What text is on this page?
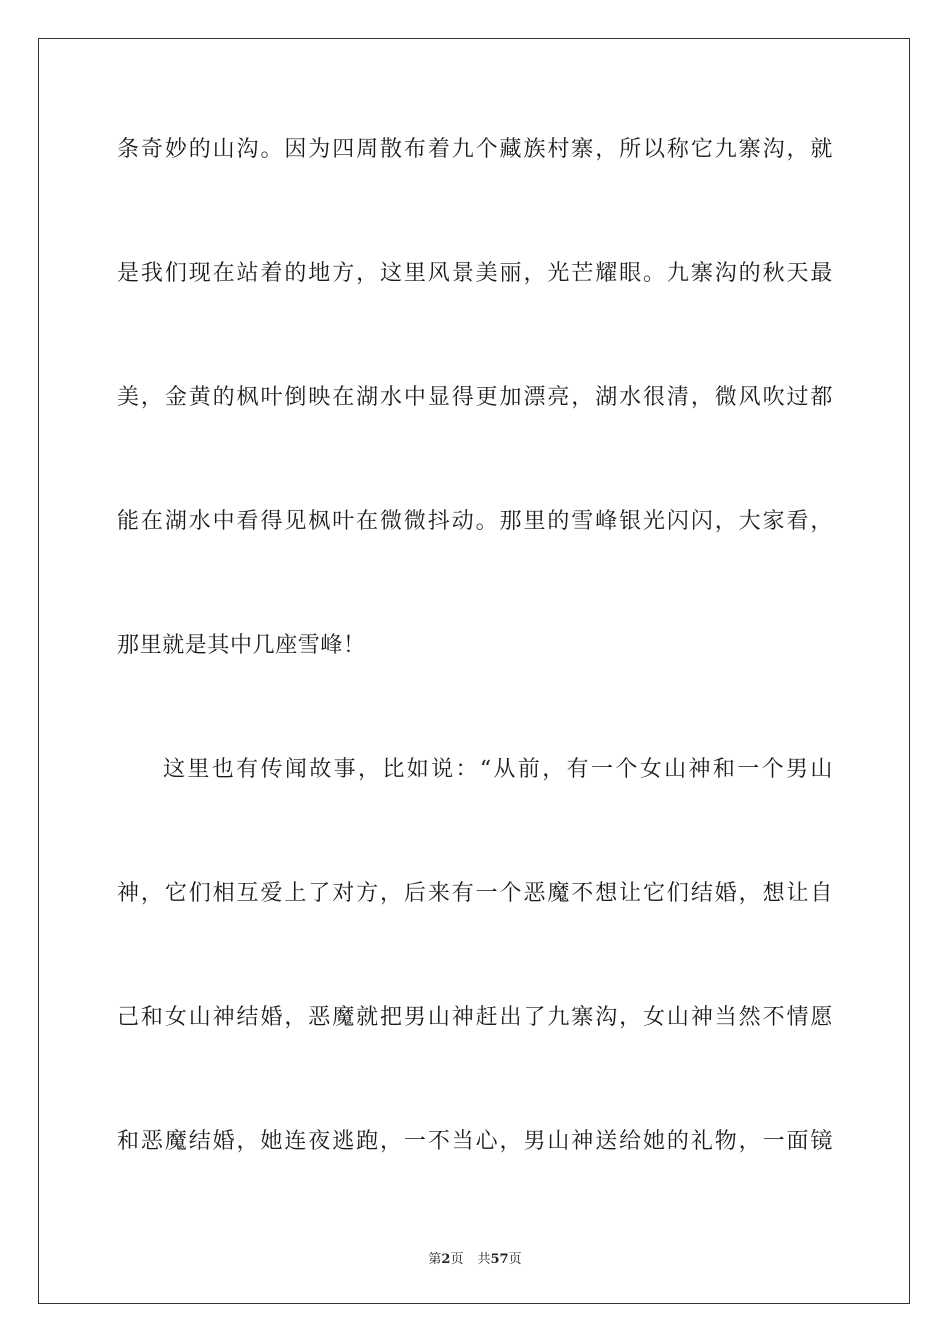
条奇妙的山沟。因为四周散布着九个藏族村寨，所以称它九寨沟，就
是我们现在站着的地方，这里风景美丽，光芒耀眼。九寨沟的秋天最
美，金黄的枫叶倒映在湖水中显得更加漂亮，湖水很清，微风吹过都
能在湖水中看得见枫叶在微微抖动。那里的雪峰银光闪闪，大家看，
那里就是其中几座雪峰！
这里也有传闻故事，比如说：“从前，有一个女山神和一个男山
神，它们相互爱上了对方，后来有一个恶魔不想让它们结婚，想让自
己和女山神结婚，恶魔就把男山神赶出了九寨沟，女山神当然不情愿
和恶魔结婚，她连夜逃跑，一不当心，男山神送给她的礼物，一面镜
第2页 共57页
